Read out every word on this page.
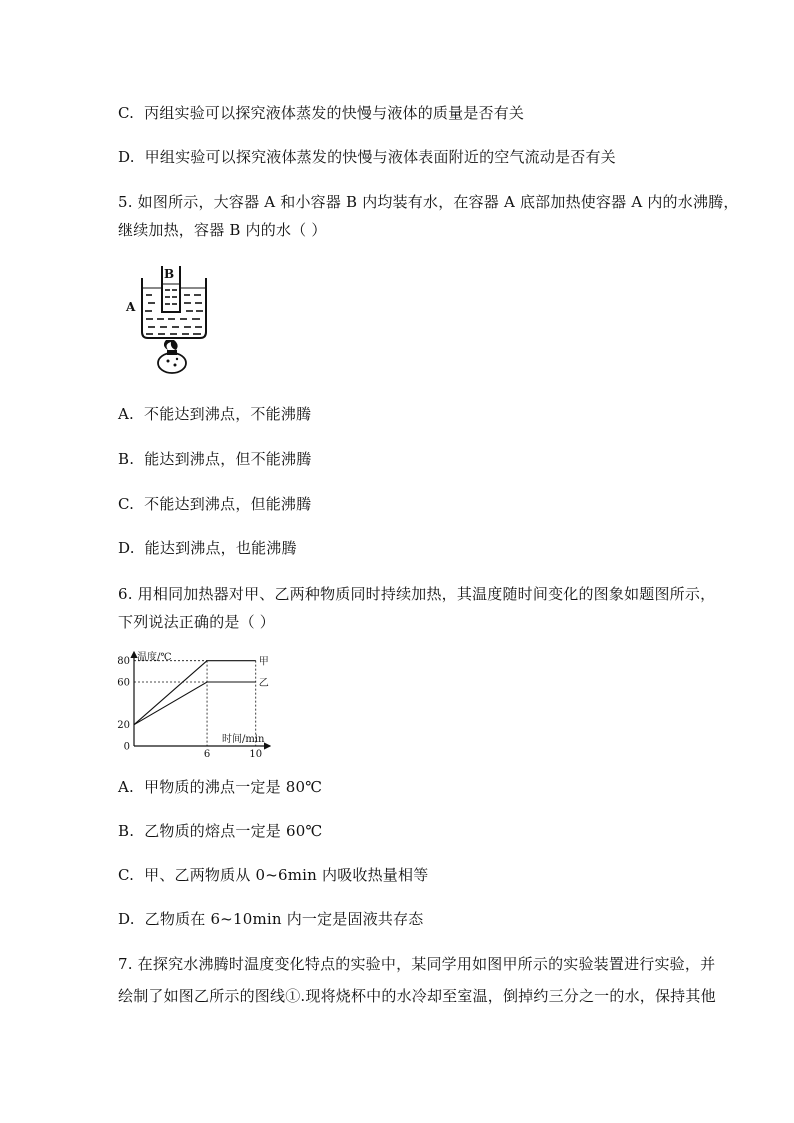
C. 丙组实验可以探究液体蒸发的快慢与液体的质量是否有关
D. 甲组实验可以探究液体蒸发的快慢与液体表面附近的空气流动是否有关
5. 如图所示，大容器 A 和小容器 B 内均装有水，在容器 A 底部加热使容器 A 内的水沸腾，
继续加热，容器 B 内的水（ ）
B
A
A. 不能达到沸点，不能沸腾
B. 能达到沸点，但不能沸腾
C. 不能达到沸点，但能沸腾
D. 能达到沸点，也能沸腾
6. 用相同加热器对甲、乙两种物质同时持续加热，其温度随时间变化的图象如题图所示，
下列说法正确的是（ ）
温度/℃
时间/min
0
20
60
80
6	10
甲
乙
A. 甲物质的沸点一定是 80℃
B. 乙物质的熔点一定是 60℃
C. 甲、乙两物质从 0~6min 内吸收热量相等
D. 乙物质在 6~10min 内一定是固液共存态
7. 在探究水沸腾时温度变化特点的实验中，某同学用如图甲所示的实验装置进行实验，并
绘制了如图乙所示的图线①.现将烧杯中的水冷却至室温，倒掉约三分之一的水，保持其他
